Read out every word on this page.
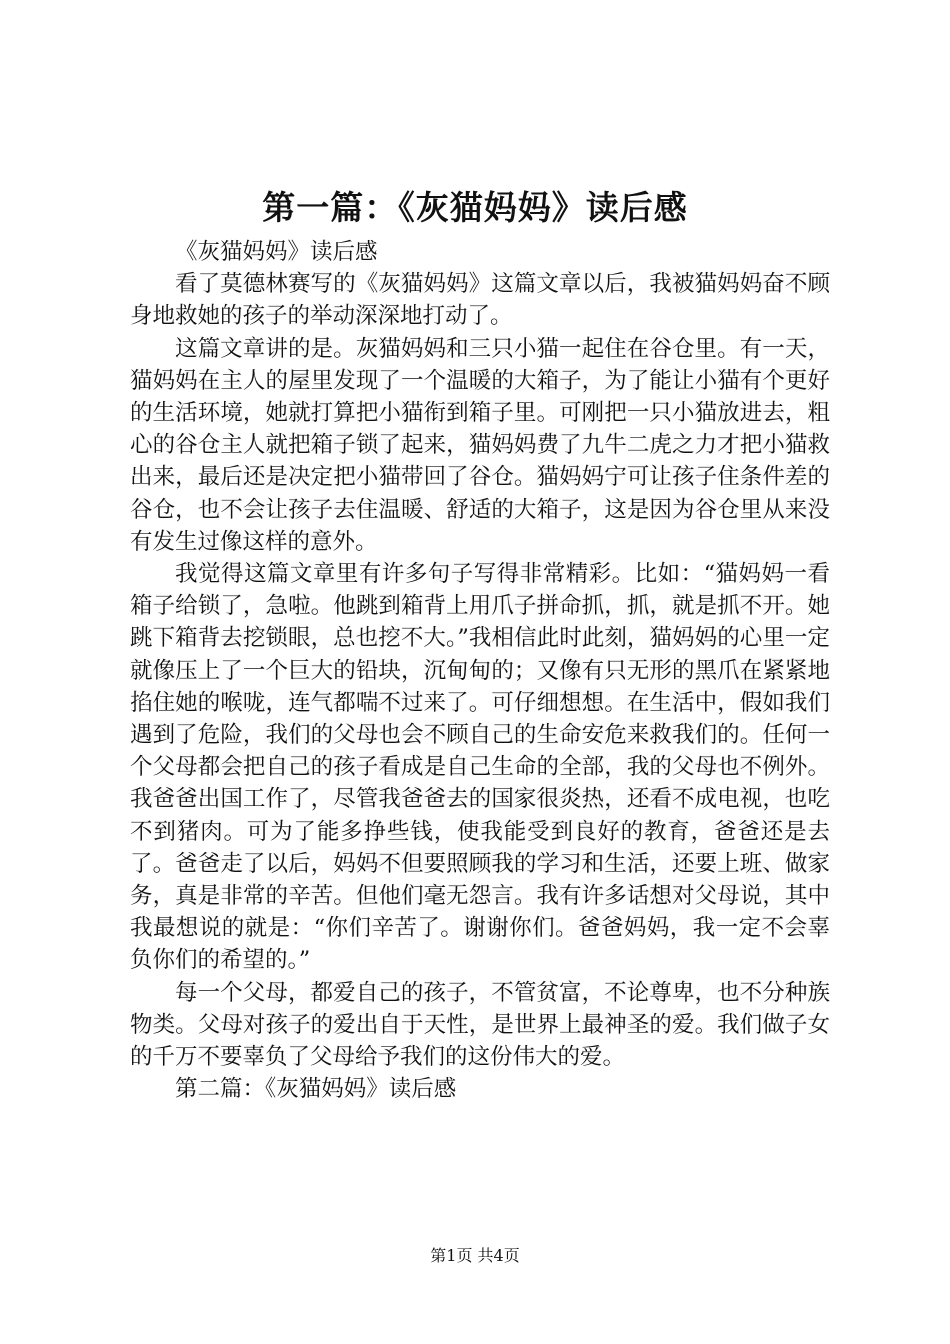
第一篇：《灰猫妈妈》读后感

《灰猫妈妈》读后感

看了莫德林赛写的《灰猫妈妈》这篇文章以后，我被猫妈妈奋不顾身地救她的孩子的举动深深地打动了。

这篇文章讲的是。灰猫妈妈和三只小猫一起住在谷仓里。有一天，猫妈妈在主人的屋里发现了一个温暖的大箱子，为了能让小猫有个更好的生活环境，她就打算把小猫衔到箱子里。可刚把一只小猫放进去，粗心的谷仓主人就把箱子锁了起来，猫妈妈费了九牛二虎之力才把小猫救出来，最后还是决定把小猫带回了谷仓。猫妈妈宁可让孩子住条件差的谷仓，也不会让孩子去住温暖、舒适的大箱子，这是因为谷仓里从来没有发生过像这样的意外。

我觉得这篇文章里有许多句子写得非常精彩。比如：“猫妈妈一看箱子给锁了，急啦。他跳到箱背上用爪子拼命抓，抓，就是抓不开。她跳下箱背去挖锁眼，总也挖不大。”我相信此时此刻，猫妈妈的心里一定就像压上了一个巨大的铅块，沉甸甸的；又像有只无形的黑爪在紧紧地掐住她的喉咙，连气都喘不过来了。可仔细想想。在生活中，假如我们遇到了危险，我们的父母也会不顾自己的生命安危来救我们的。任何一个父母都会把自己的孩子看成是自己生命的全部，我的父母也不例外。我爸爸出国工作了，尽管我爸爸去的国家很炎热，还看不成电视，也吃不到猪肉。可为了能多挣些钱，使我能受到良好的教育，爸爸还是去了。爸爸走了以后，妈妈不但要照顾我的学习和生活，还要上班、做家务，真是非常的辛苦。但他们毫无怨言。我有许多话想对父母说，其中我最想说的就是：“你们辛苦了。谢谢你们。爸爸妈妈，我一定不会辜负你们的希望的。”

每一个父母，都爱自己的孩子，不管贫富，不论尊卑，也不分种族物类。父母对孩子的爱出自于天性，是世界上最神圣的爱。我们做子女的千万不要辜负了父母给予我们的这份伟大的爱。

第二篇：《灰猫妈妈》读后感

第1页 共4页
